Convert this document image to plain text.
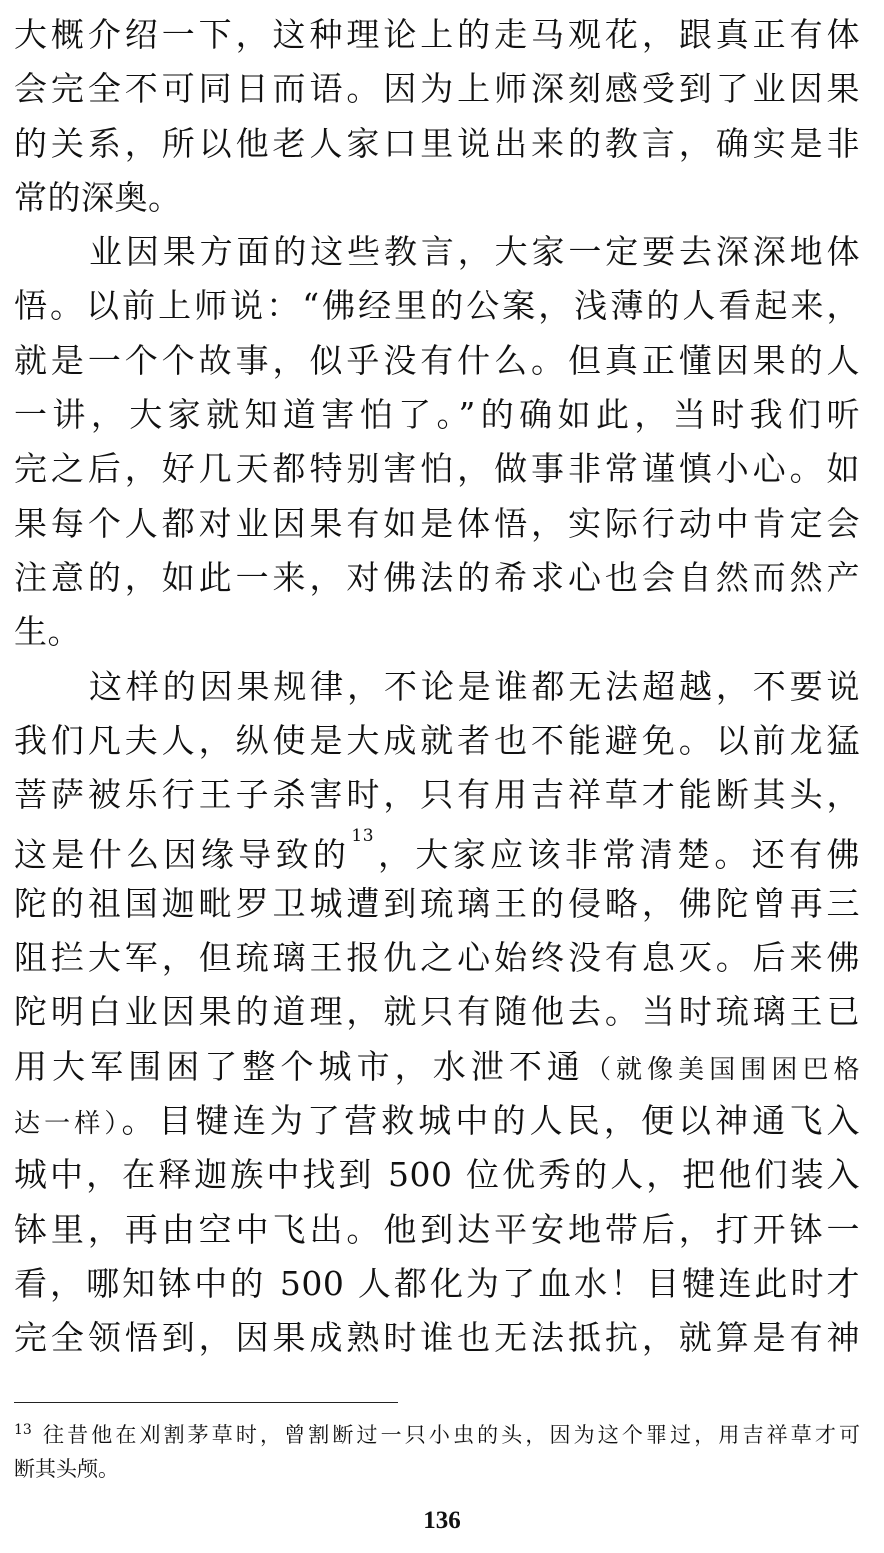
大概介绍一下，这种理论上的走马观花，跟真正有体
会完全不可同日而语。因为上师深刻感受到了业因果
的关系，所以他老人家口里说出来的教言，确实是非
常的深奥。
业因果方面的这些教言，大家一定要去深深地体
悟。以前上师说：“佛经里的公案，浅薄的人看起来，
就是一个个故事，似乎没有什么。但真正懂因果的人
一讲，大家就知道害怕了。”的确如此，当时我们听
完之后，好几天都特别害怕，做事非常谨慎小心。如
果每个人都对业因果有如是体悟，实际行动中肯定会
注意的，如此一来，对佛法的希求心也会自然而然产
生。
这样的因果规律，不论是谁都无法超越，不要说
我们凡夫人，纵使是大成就者也不能避免。以前龙猛
菩萨被乐行王子杀害时，只有用吉祥草才能断其头，
这是什么因缘导致的$^{13}$，大家应该非常清楚。还有佛
陀的祖国迦毗罗卫城遭到琉璃王的侵略，佛陀曾再三
阻拦大军，但琉璃王报仇之心始终没有息灭。后来佛
陀明白业因果的道理，就只有随他去。当时琉璃王已
用大军围困了整个城市，水泄不通（就像美国围困巴格
达一样）。目犍连为了营救城中的人民，便以神通飞入
城中，在释迦族中找到 500 位优秀的人，把他们装入
钵里，再由空中飞出。他到达平安地带后，打开钵一
看，哪知钵中的 500 人都化为了血水！目犍连此时才
完全领悟到，因果成熟时谁也无法抵抗，就算是有神
$^{13}$ 往昔他在刈割茅草时，曾割断过一只小虫的头，因为这个罪过，用吉祥草才可
断其头颅。
136
